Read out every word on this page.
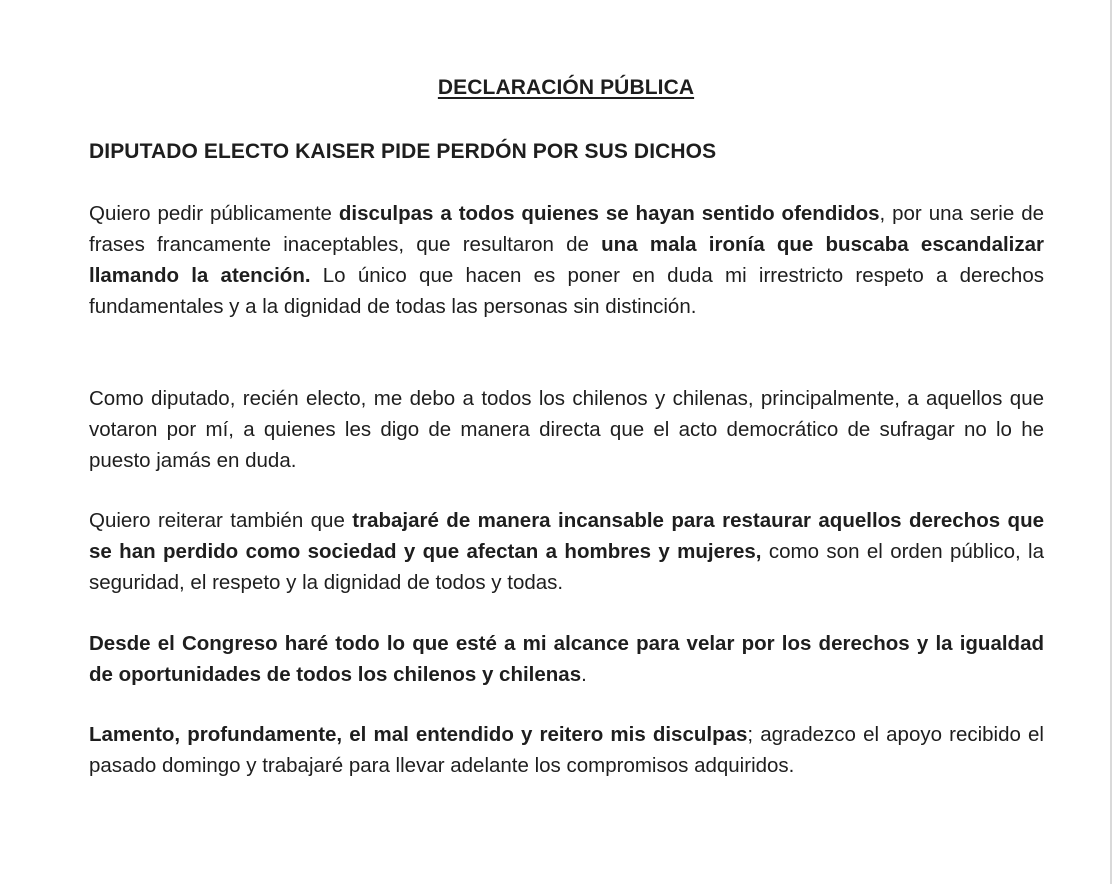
DECLARACIÓN PÚBLICA
DIPUTADO ELECTO KAISER PIDE PERDÓN POR SUS DICHOS

Quiero pedir públicamente disculpas a todos quienes se hayan sentido ofendidos, por una serie de frases francamente inaceptables, que resultaron de una mala ironía que buscaba escandalizar llamando la atención. Lo único que hacen es poner en duda mi irrestricto respeto a derechos fundamentales y a la dignidad de todas las personas sin distinción.

Como diputado, recién electo, me debo a todos los chilenos y chilenas, principalmente, a aquellos que votaron por mí, a quienes les digo de manera directa que el acto democrático de sufragar no lo he puesto jamás en duda.

Quiero reiterar también que trabajaré de manera incansable para restaurar aquellos derechos que se han perdido como sociedad y que afectan a hombres y mujeres, como son el orden público, la seguridad, el respeto y la dignidad de todos y todas.

Desde el Congreso haré todo lo que esté a mi alcance para velar por los derechos y la igualdad de oportunidades de todos los chilenos y chilenas.

Lamento, profundamente, el mal entendido y reitero mis disculpas; agradezco el apoyo recibido el pasado domingo y trabajaré para llevar adelante los compromisos adquiridos.
